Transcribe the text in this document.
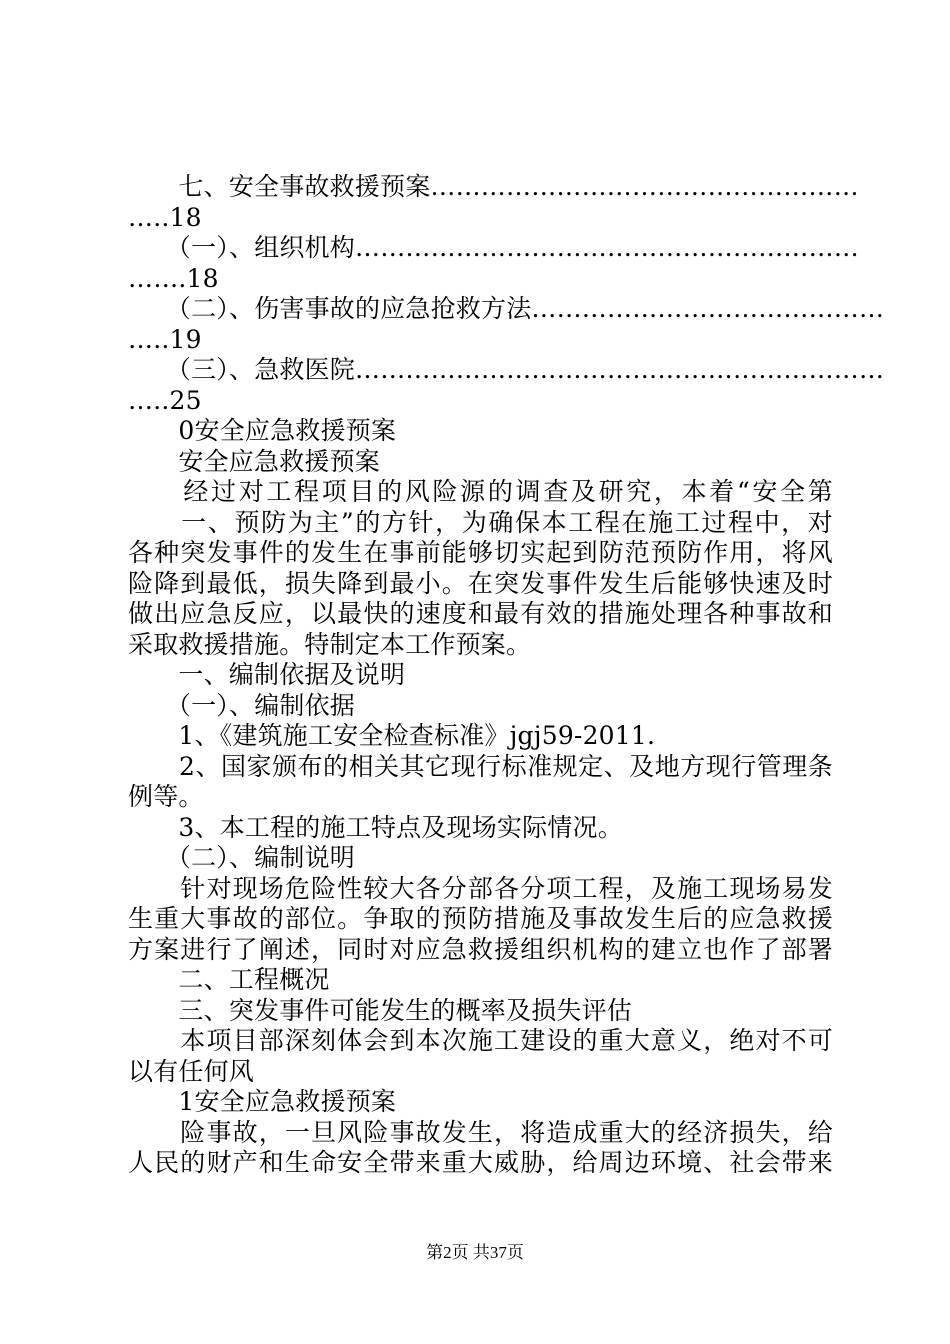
　　七、安全事故救援预案……………………………………………
…..18
　　（一）、组织机构……………………………………………………
…….18
　　（二）、伤害事故的应急抢救方法……………………………………
…..19
　　（三）、急救医院………………………………………………………
…..25
　　0安全应急救援预案
　　安全应急救援预案
　　经过对工程项目的风险源的调查及研究，本着“安全第
　　一、预防为主”的方针，为确保本工程在施工过程中，对
各种突发事件的发生在事前能够切实起到防范预防作用，将风
险降到最低，损失降到最小。在突发事件发生后能够快速及时
做出应急反应，以最快的速度和最有效的措施处理各种事故和
采取救援措施。特制定本工作预案。
　　一、编制依据及说明
　　（一）、编制依据
　　1、《建筑施工安全检查标准》jgj59-2011.
　　2、国家颁布的相关其它现行标准规定、及地方现行管理条
例等。
　　3、本工程的施工特点及现场实际情况。
　　（二）、编制说明
　　针对现场危险性较大各分部各分项工程，及施工现场易发
生重大事故的部位。争取的预防措施及事故发生后的应急救援
方案进行了阐述，同时对应急救援组织机构的建立也作了部署
　　二、工程概况
　　三、突发事件可能发生的概率及损失评估
　　本项目部深刻体会到本次施工建设的重大意义，绝对不可
以有任何风
　　1安全应急救援预案
　　险事故，一旦风险事故发生，将造成重大的经济损失，给
人民的财产和生命安全带来重大威胁，给周边环境、社会带来
第2页 共37页
